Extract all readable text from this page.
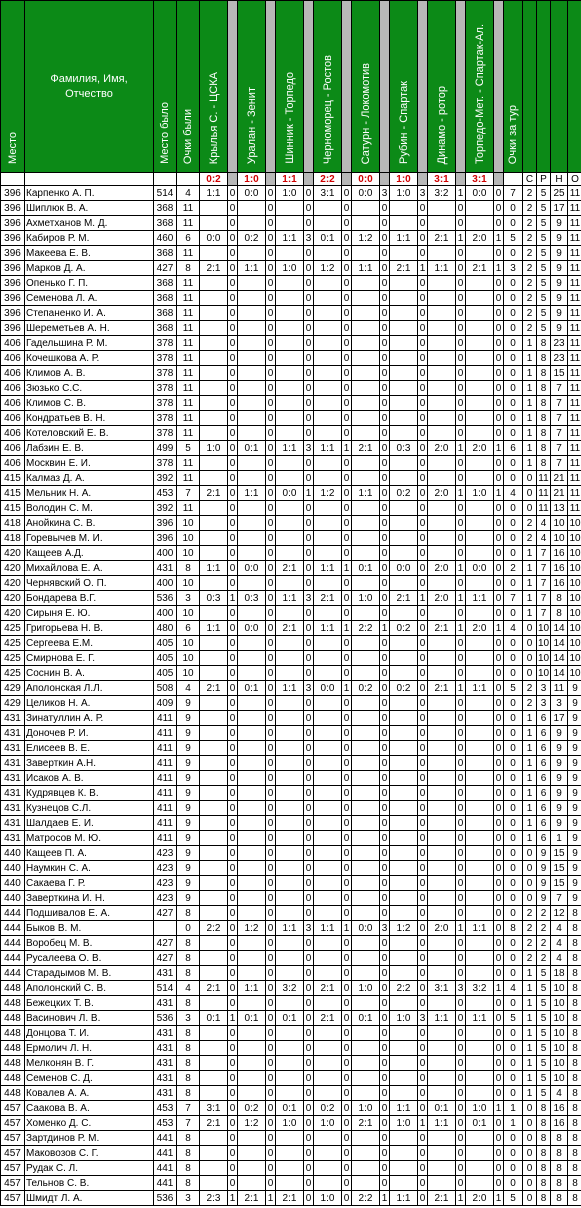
Место	Фамилия, Имя, Отчество	Место было	Очки были	Крылья С. - ЦСКА		Уралан - Зенит		Шинник - Торпедо		Черноморец - Ростов		Сатурн - Локомотив		Рубин - Спартак		Динамо - ротор		Торпедо-Мет. - Спартак-Ал.		Очки за тур				
				0:2		1:0		1:1		2:2		0:0		1:0		3:1		3:1			С	Р	Н	О
396	Карпенко А. П.	514	4	1:1	0	0:0	0	1:0	0	3:1	0	0:0	3	1:0	3	3:2	1	0:0	0	7	2	5	25	11
396	Шиплюк В. А.	368	11		0		0		0		0		0		0		0		0	0	2	5	17	11
396	Ахметханов М. Д.	368	11		0		0		0		0		0		0		0		0	0	2	5	9	11
396	Кабиров Р. М.	460	6	0:0	0	0:2	0	1:1	3	0:1	0	1:2	0	1:1	0	2:1	1	2:0	1	5	2	5	9	11
396	Макеева Е. В.	368	11		0		0		0		0		0		0		0		0	0	2	5	9	11
396	Марков Д. А.	427	8	2:1	0	1:1	0	1:0	0	1:2	0	1:1	0	2:1	1	1:1	0	2:1	1	3	2	5	9	11
396	Опенько Г. П.	368	11		0		0		0		0		0		0		0		0	0	2	5	9	11
396	Семенова Л. А.	368	11		0		0		0		0		0		0		0		0	0	2	5	9	11
396	Степаненко И. А.	368	11		0		0		0		0		0		0		0		0	0	2	5	9	11
396	Шереметьев А. Н.	368	11		0		0		0		0		0		0		0		0	0	2	5	9	11
406	Гадельшина Р. М.	378	11		0		0		0		0		0		0		0		0	0	1	8	23	11
406	Кочешкова А. Р.	378	11		0		0		0		0		0		0		0		0	0	1	8	23	11
406	Климов А. В.	378	11		0		0		0		0		0		0		0		0	0	1	8	15	11
406	Зюзько С.С.	378	11		0		0		0		0		0		0		0		0	0	1	8	7	11
406	Климов С. В.	378	11		0		0		0		0		0		0		0		0	0	1	8	7	11
406	Кондратьев В. Н.	378	11		0		0		0		0		0		0		0		0	0	1	8	7	11
406	Котеловский Е. В.	378	11		0		0		0		0		0		0		0		0	0	1	8	7	11
406	Лабзин Е. В.	499	5	1:0	0	0:1	0	1:1	3	1:1	1	2:1	0	0:3	0	2:0	1	2:0	1	6	1	8	7	11
406	Москвин Е. И.	378	11		0		0		0		0		0		0		0		0	0	1	8	7	11
415	Калмаз Д. А.	392	11		0		0		0		0		0		0		0		0	0	0	11	21	11
415	Мельник Н. А.	453	7	2:1	0	1:1	0	0:0	1	1:2	0	1:1	0	0:2	0	2:0	1	1:0	1	4	0	11	21	11
415	Володин С. М.	392	11		0		0		0		0		0		0		0		0	0	0	11	13	11
418	Анойкина С. В.	396	10		0		0		0		0		0		0		0		0	0	2	4	10	10
418	Горевычев М. И.	396	10		0		0		0		0		0		0		0		0	0	2	4	10	10
420	Кащеев А.Д.	400	10		0		0		0		0		0		0		0		0	0	1	7	16	10
420	Михайлова Е. А.	431	8	1:1	0	0:0	0	2:1	0	1:1	1	0:1	0	0:0	0	2:0	1	0:0	0	2	1	7	16	10
420	Чернявский О. П.	400	10		0		0		0		0		0		0		0		0	0	1	7	16	10
420	Бондарева В.Г.	536	3	0:3	1	0:3	0	1:1	3	2:1	0	1:0	0	2:1	1	2:0	1	1:1	0	7	1	7	8	10
420	Сирыня Е. Ю.	400	10		0		0		0		0		0		0		0		0	0	1	7	8	10
425	Григорьева Н. В.	480	6	1:1	0	0:0	0	2:1	0	1:1	1	2:2	1	0:2	0	2:1	1	2:0	1	4	0	10	14	10
425	Сергеева Е.М.	405	10		0		0		0		0		0		0		0		0	0	0	10	14	10
425	Смирнова Е. Г.	405	10		0		0		0		0		0		0		0		0	0	0	10	14	10
425	Соснин В. А.	405	10		0		0		0		0		0		0		0		0	0	0	10	14	10
429	Аполонская Л.Л.	508	4	2:1	0	0:1	0	1:1	3	0:0	1	0:2	0	0:2	0	2:1	1	1:1	0	5	2	3	11	9
429	Целиков Н. А.	409	9		0		0		0		0		0		0		0		0	0	2	3	3	9
431	Зинатуллин А. Р.	411	9		0		0		0		0		0		0		0		0	0	1	6	17	9
431	Доночев Р. И.	411	9		0		0		0		0		0		0		0		0	0	1	6	9	9
431	Елисеев В. Е.	411	9		0		0		0		0		0		0		0		0	0	1	6	9	9
431	Заверткин А.Н.	411	9		0		0		0		0		0		0		0		0	0	1	6	9	9
431	Исаков А. В.	411	9		0		0		0		0		0		0		0		0	0	1	6	9	9
431	Кудрявцев К. В.	411	9		0		0		0		0		0		0		0		0	0	1	6	9	9
431	Кузнецов С.Л.	411	9		0		0		0		0		0		0		0		0	0	1	6	9	9
431	Шалдаев Е. И.	411	9		0		0		0		0		0		0		0		0	0	1	6	9	9
431	Матросов М. Ю.	411	9		0		0		0		0		0		0		0		0	0	1	6	1	9
440	Кащеев П. А.	423	9		0		0		0		0		0		0		0		0	0	0	9	15	9
440	Наумкин С. А.	423	9		0		0		0		0		0		0		0		0	0	0	9	15	9
440	Сакаева Г. Р.	423	9		0		0		0		0		0		0		0		0	0	0	9	15	9
440	Заверткина И. Н.	423	9		0		0		0		0		0		0		0		0	0	0	9	7	9
444	Подшивалов Е. А.	427	8		0		0		0		0		0		0		0		0	0	2	2	12	8
444	Быков В. М.		0	2:2	0	1:2	0	1:1	3	1:1	1	0:0	3	1:2	0	2:0	1	1:1	0	8	2	2	4	8
444	Воробец М. В.	427	8		0		0		0		0		0		0		0		0	0	2	2	4	8
444	Русалеева О. В.	427	8		0		0		0		0		0		0		0		0	0	2	2	4	8
444	Старадымов М. В.	431	8		0		0		0		0		0		0		0		0	0	1	5	18	8
448	Аполонский С. В.	514	4	2:1	0	1:1	0	3:2	0	2:1	0	1:0	0	2:2	0	3:1	3	3:2	1	4	1	5	10	8
448	Бежецких Т. В.	431	8		0		0		0		0		0		0		0		0	0	1	5	10	8
448	Васинович Л. В.	536	3	0:1	1	0:1	0	0:1	0	2:1	0	0:1	0	1:0	3	1:1	0	1:1	0	5	1	5	10	8
448	Донцова Т. И.	431	8		0		0		0		0		0		0		0		0	0	1	5	10	8
448	Ермолич Л. Н.	431	8		0		0		0		0		0		0		0		0	0	1	5	10	8
448	Мелконян В. Г.	431	8		0		0		0		0		0		0		0		0	0	1	5	10	8
448	Семенов С. Д.	431	8		0		0		0		0		0		0		0		0	0	1	5	10	8
448	Ковалев А. А.	431	8		0		0		0		0		0		0		0		0	0	1	5	4	8
457	Саакова В. А.	453	7	3:1	0	0:2	0	0:1	0	0:2	0	1:0	0	1:1	0	0:1	0	1:0	1	1	0	8	16	8
457	Хоменко Д. С.	453	7	2:1	0	1:2	0	1:0	0	1:0	0	2:1	0	1:0	1	1:1	0	0:1	0	1	0	8	16	8
457	Зартдинов Р. М.	441	8		0		0		0		0		0		0		0		0	0	0	8	8	8
457	Маковозов С. Г.	441	8		0		0		0		0		0		0		0		0	0	0	8	8	8
457	Рудак С. Л.	441	8		0		0		0		0		0		0		0		0	0	0	8	8	8
457	Тельнов С. В.	441	8		0		0		0		0		0		0		0		0	0	0	8	8	8
457	Шмидт Л. А.	536	3	2:3	1	2:1	1	2:1	0	1:0	0	2:2	1	1:1	0	2:1	1	2:0	1	5	0	8	8	8
